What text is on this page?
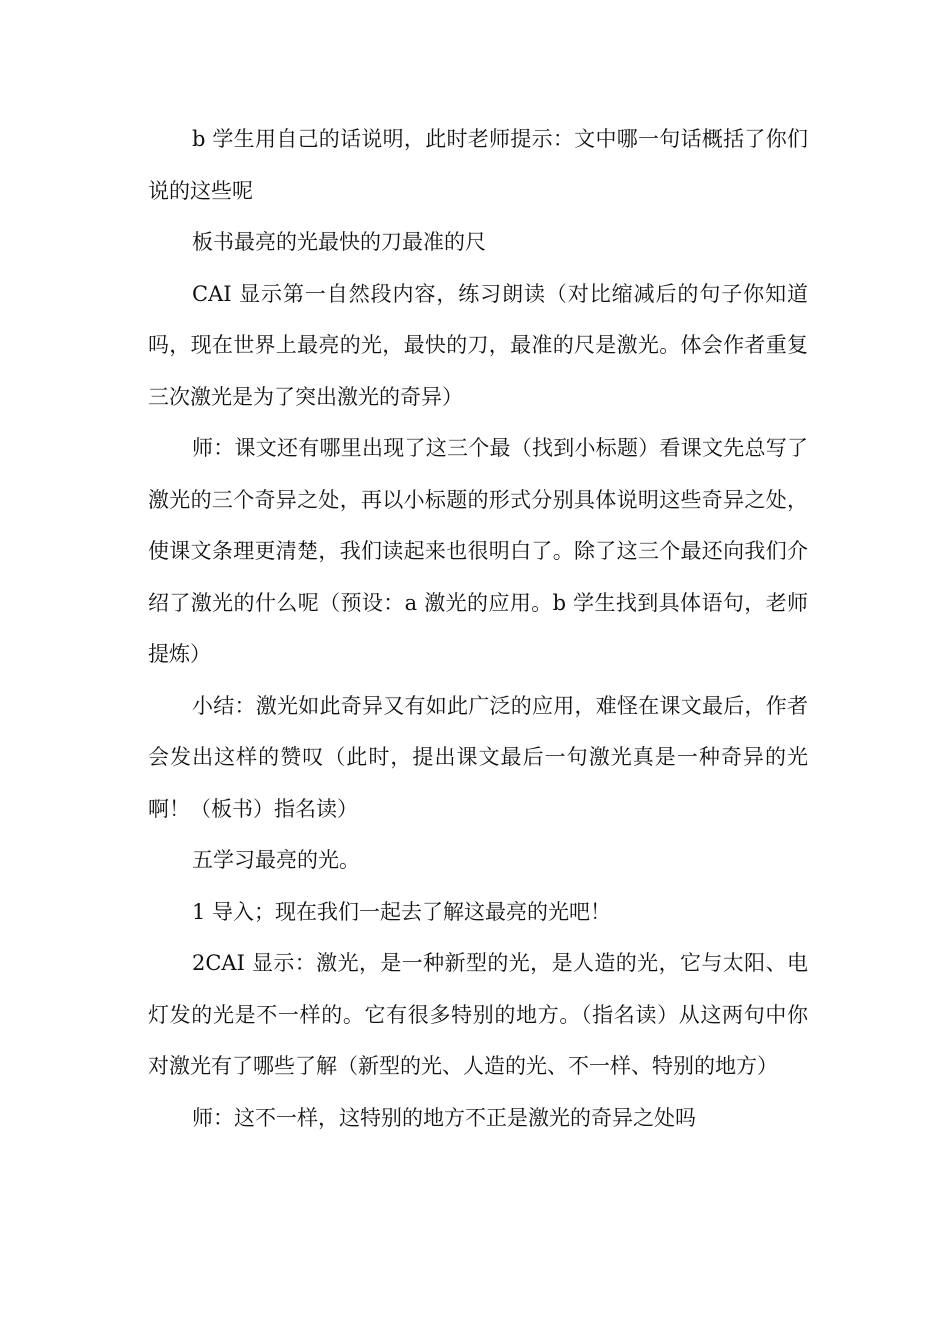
b 学生用自己的话说明，此时老师提示：文中哪一句话概括了你们说的这些呢

板书最亮的光最快的刀最准的尺

CAI 显示第一自然段内容，练习朗读（对比缩减后的句子你知道吗，现在世界上最亮的光，最快的刀，最准的尺是激光。体会作者重复三次激光是为了突出激光的奇异）

师：课文还有哪里出现了这三个最（找到小标题）看课文先总写了激光的三个奇异之处，再以小标题的形式分别具体说明这些奇异之处，使课文条理更清楚，我们读起来也很明白了。除了这三个最还向我们介绍了激光的什么呢（预设：a 激光的应用。b 学生找到具体语句，老师提炼）

小结：激光如此奇异又有如此广泛的应用，难怪在课文最后，作者会发出这样的赞叹（此时，提出课文最后一句激光真是一种奇异的光啊！（板书）指名读）

五学习最亮的光。

1 导入；现在我们一起去了解这最亮的光吧！

2CAI 显示：激光，是一种新型的光，是人造的光，它与太阳、电灯发的光是不一样的。它有很多特别的地方。（指名读）从这两句中你对激光有了哪些了解（新型的光、人造的光、不一样、特别的地方）

师：这不一样，这特别的地方不正是激光的奇异之处吗
